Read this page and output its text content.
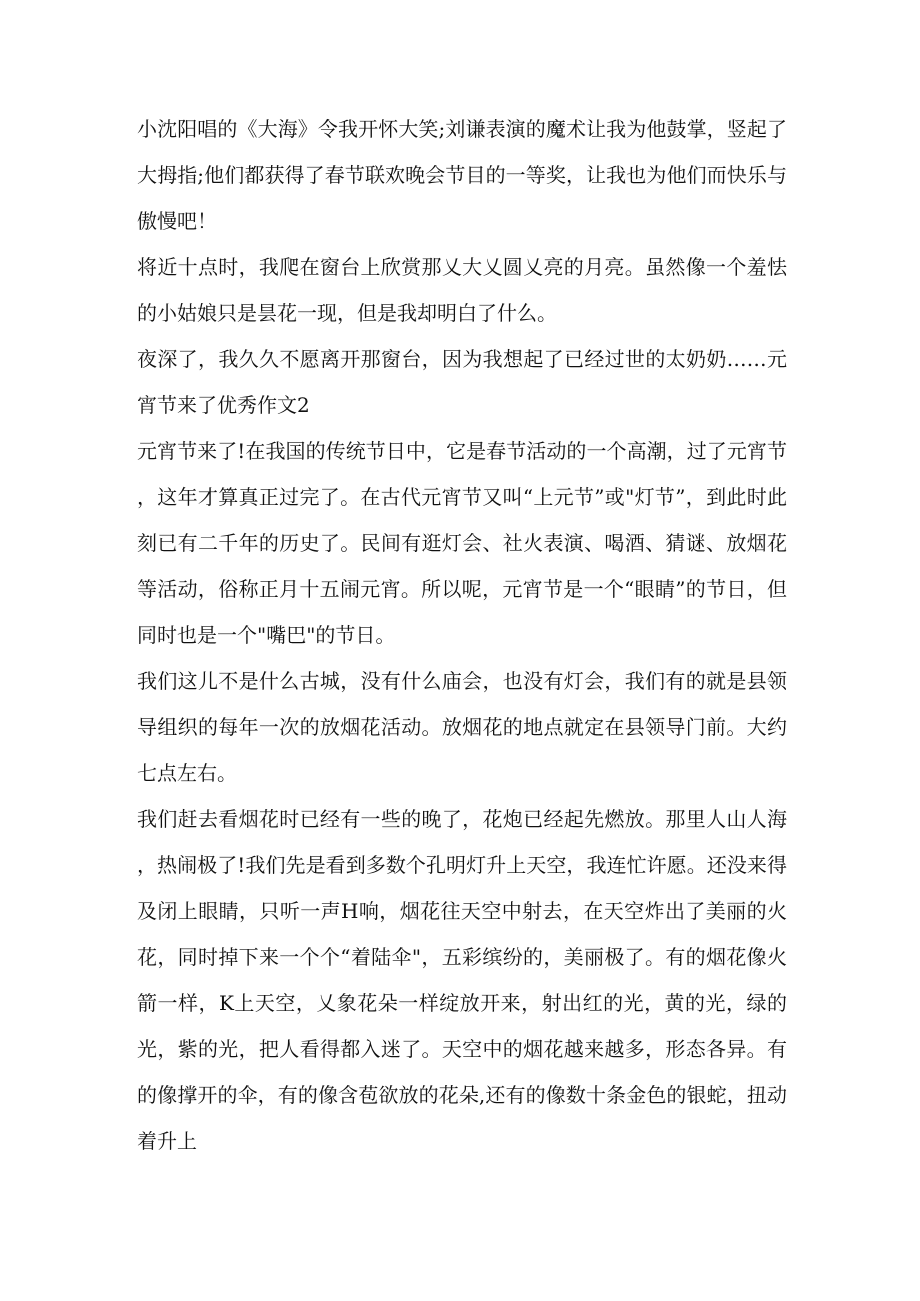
小沈阳唱的《大海》令我开怀大笑;刘谦表演的魔术让我为他鼓掌，竖起了大拇指;他们都获得了春节联欢晚会节目的一等奖，让我也为他们而快乐与傲慢吧！

将近十点时，我爬在窗台上欣赏那乂大乂圆乂亮的月亮。虽然像一个羞怯的小姑娘只是昙花一现，但是我却明白了什么。

夜深了，我久久不愿离开那窗台，因为我想起了已经过世的太奶奶……元宵节来了优秀作文2

元宵节来了!在我国的传统节日中，它是春节活动的一个高潮，过了元宵节，这年才算真正过完了。在古代元宵节又叫“上元节”或"灯节”，到此时此刻已有二千年的历史了。民间有逛灯会、社火表演、喝酒、猜谜、放烟花等活动，俗称正月十五闹元宵。所以呢，元宵节是一个“眼睛”的节日，但同时也是一个"嘴巴"的节日。

我们这儿不是什么古城，没有什么庙会，也没有灯会，我们有的就是县领导组织的每年一次的放烟花活动。放烟花的地点就定在县领导门前。大约七点左右。

我们赶去看烟花时已经有一些的晚了，花炮已经起先燃放。那里人山人海，热闹极了!我们先是看到多数个孔明灯升上天空，我连忙许愿。还没来得及闭上眼睛，只听一声H响，烟花往天空中射去，在天空炸出了美丽的火花，同时掉下来一个个“着陆伞"，五彩缤纷的，美丽极了。有的烟花像火箭一样，K上天空，乂象花朵一样绽放开来，射出红的光，黄的光，绿的光，紫的光，把人看得都入迷了。天空中的烟花越来越多，形态各异。有的像撑开的伞，有的像含苞欲放的花朵,还有的像数十条金色的银蛇，扭动着升上
